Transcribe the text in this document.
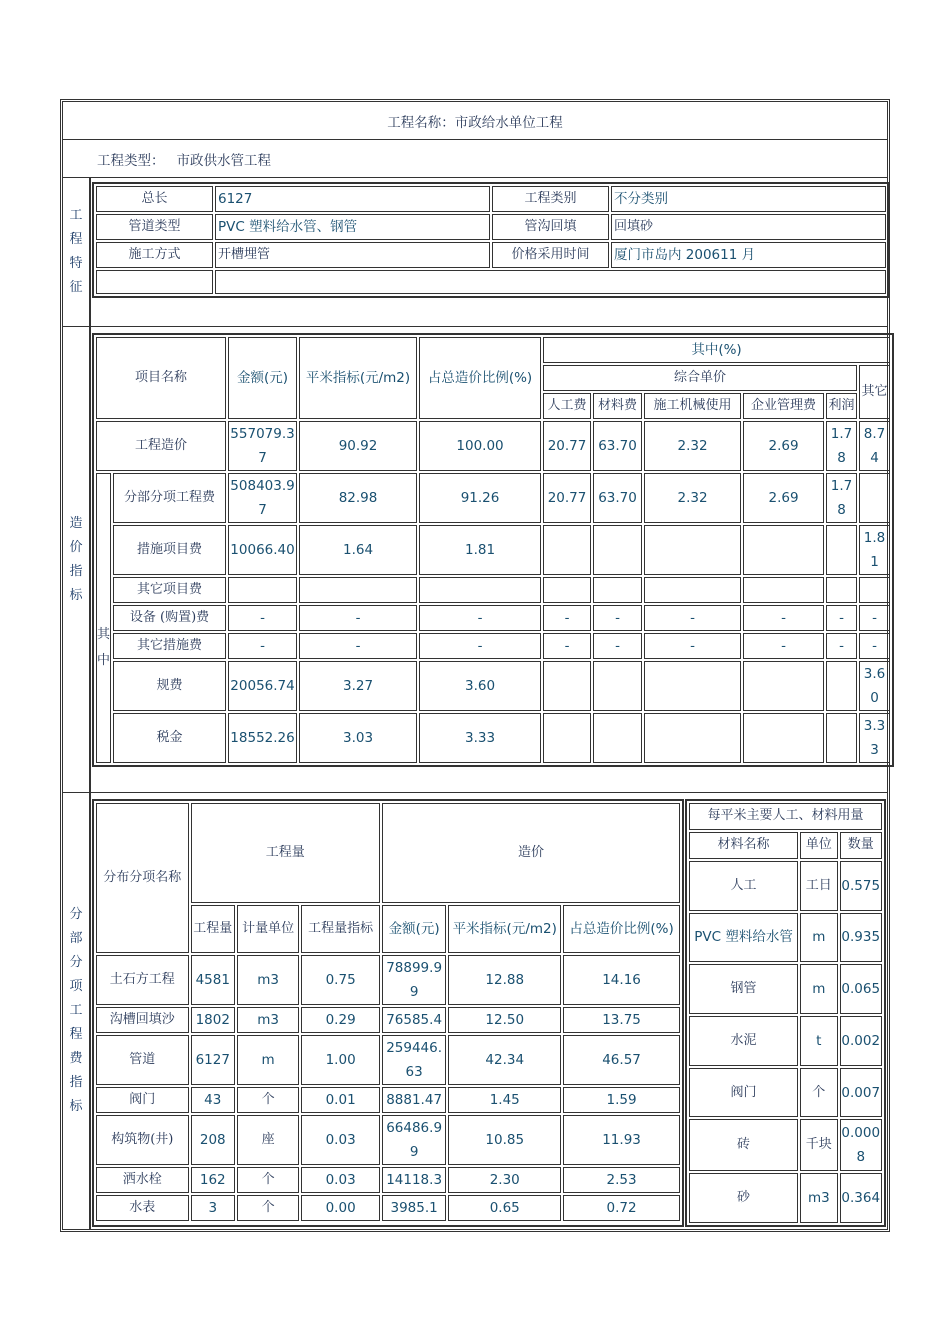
工程名称：市政给水单位工程
工程类型： 市政供水管工程
工
程
特
征
总长	6127	工程类别	不分类别
管道类型	PVC 塑料给水管、钢管	管沟回填	回填砂
施工方式	开槽埋管	价格采用时间	厦门市岛内 200611 月

造
价
指
标
项目名称		金额(元)	平米指标(元/m2)	占总造价比例(%)	其中(%)					
					综合单价					其它
					人工费	材料费	施工机械使用	企业管理费	利润	
工程造价		557079.37	90.92	100.00	20.77	63.70	2.32	2.69	1.78	8.74

其
中	分部分项工程费	508403.97	82.98	91.26	20.77	63.70	2.32	2.69	1.78	
	措施项目费	10066.40	1.64	1.81						1.81
	其它项目费									
	设备 (购置)费	-	-	-	-	-	-	-	-	-
	其它措施费	-	-	-	-	-	-	-	-	-
	规费	20056.74	3.27	3.60						3.60
	税金	18552.26	3.03	3.33						3.33
分
部
分
项
工
程
费
指
标
分布分项名称	工程量			造价		
	工程量	计量单位	工程量指标	金额(元)	平米指标(元/m2)	占总造价比例(%)
土石方工程	4581	m3	0.75	78899.99	12.88	14.16
沟槽回填沙	1802	m3	0.29	76585.4	12.50	13.75
管道	6127	m	1.00	259446.63	42.34	46.57
阀门	43	个	0.01	8881.47	1.45	1.59
构筑物(井)	208	座	0.03	66486.99	10.85	11.93
洒水栓	162	个	0.03	14118.3	2.30	2.53
水表	3	个	0.00	3985.1	0.65	0.72

每平米主要人工、材料用量		
材料名称	单位	数量
人工	工日	0.575
PVC 塑料给水管	m	0.935
钢管	m	0.065
水泥	t	0.002
阀门	个	0.007
砖	千块	0.0008
砂	m3	0.364
